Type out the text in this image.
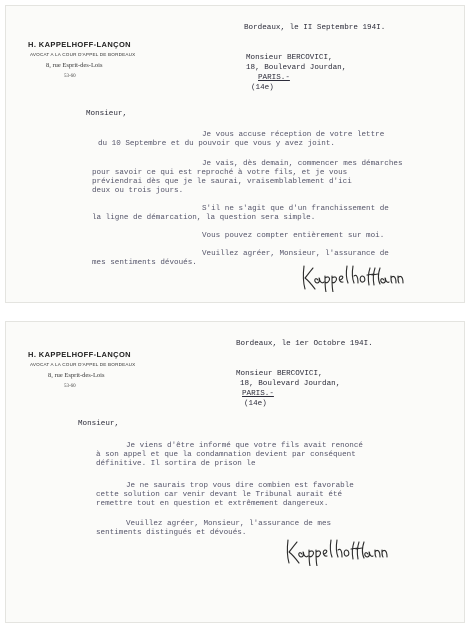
H. KAPPELHOFF-LANÇON
AVOCAT A LA COUR D'APPEL DE BORDEAUX
8, rue Esprit-des-Lois
53-60
Bordeaux, le II Septembre 194I.
Monsieur BERCOVICI,
18, Boulevard Jourdan,
PARIS.-
(14e)
Monsieur,
Je vous accuse réception de votre lettre
du 10 Septembre et du pouvoir que vous y avez joint.
Je vais, dès demain, commencer mes démarches
pour savoir ce qui est reproché à votre fils, et je vous
préviendrai dès que je le saurai, vraisemblablement d'ici
deux ou trois jours.
S'il ne s'agit que d'un franchissement de
la ligne de démarcation, la question sera simple.
Vous pouvez compter entièrement sur moi.
Veuillez agréer, Monsieur, l'assurance de
mes sentiments dévoués.
H. KAPPELHOFF-LANÇON
AVOCAT A LA COUR D'APPEL DE BORDEAUX
8, rue Esprit-des-Lois
53-60
Bordeaux, le 1er Octobre 194I.
Monsieur BERCOVICI,
18, Boulevard Jourdan,
PARIS.-
(14e)
Monsieur,
Je viens d'être informé que votre fils avait renoncé
à son appel et que la condamnation devient par conséquent
définitive. Il sortira de prison le
Je ne saurais trop vous dire combien est favorable
cette solution car venir devant le Tribunal aurait été
remettre tout en question et extrêmement dangereux.
Veuillez agréer, Monsieur, l'assurance de mes
sentiments distingués et dévoués.
